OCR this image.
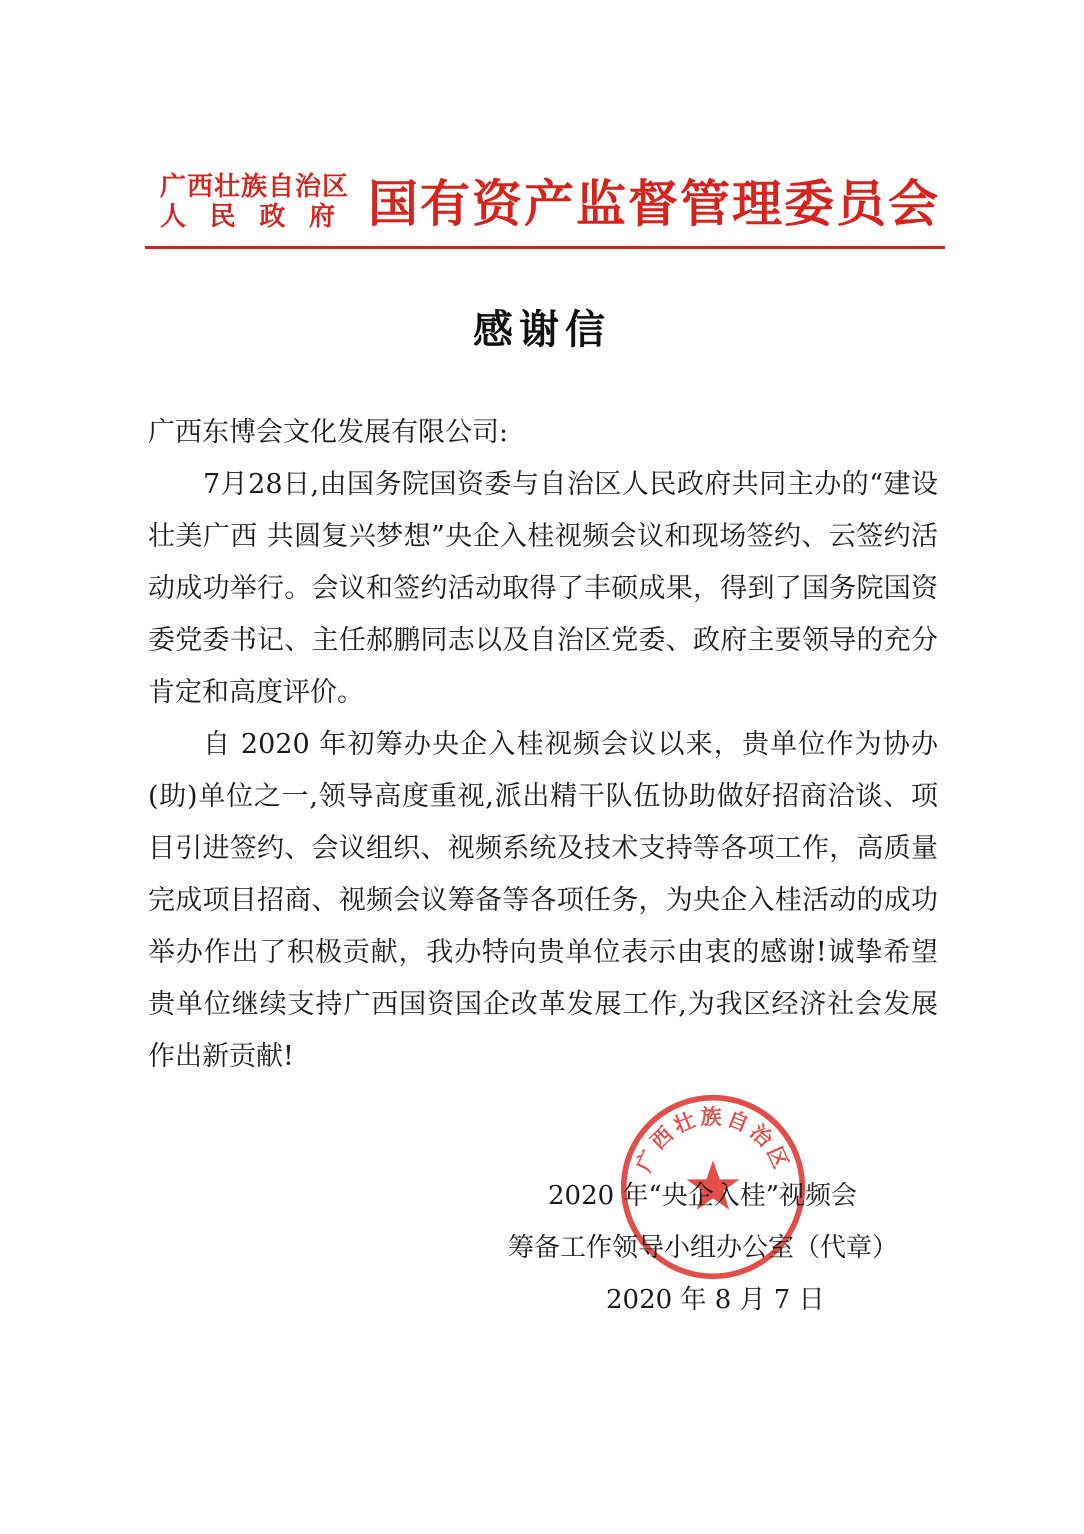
广西壮族自治区
人 民 政 府 国有资产监督管理委员会
感谢信
广西东博会文化发展有限公司:

7月28日,由国务院国资委与自治区人民政府共同主办的“建设壮美广西 共圆复兴梦想”央企入桂视频会议和现场签约、云签约活动成功举行。会议和签约活动取得了丰硕成果，得到了国务院国资委党委书记、主任郝鹏同志以及自治区党委、政府主要领导的充分肯定和高度评价。

自 2020 年初筹办央企入桂视频会议以来，贵单位作为协办(助)单位之一,领导高度重视,派出精干队伍协助做好招商洽谈、项目引进签约、会议组织、视频系统及技术支持等各项工作，高质量完成项目招商、视频会议筹备等各项任务，为央企入桂活动的成功举办作出了积极贡献，我办特向贵单位表示由衷的感谢!诚挚希望贵单位继续支持广西国资国企改革发展工作,为我区经济社会发展作出新贡献!

广西壮族自治区
2020 年“央企入桂”视频会
筹备工作领导小组办公室（代章）
2020 年 8 月 7 日
